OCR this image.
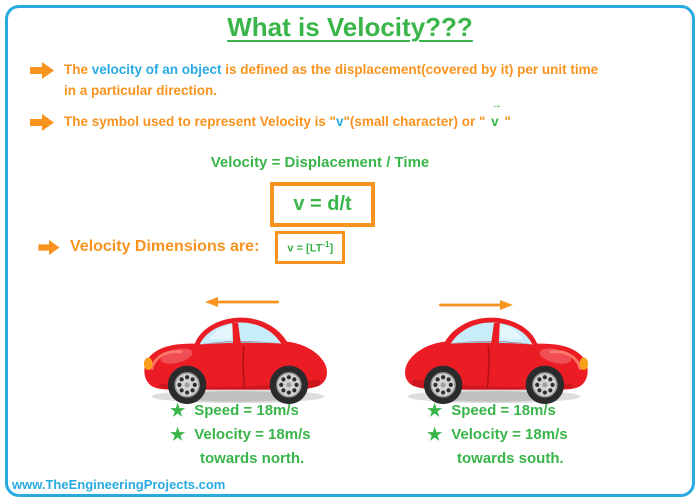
What is Velocity???
The velocity of an object is defined as the displacement(covered by it) per unit time
in a particular direction.
The symbol used to represent Velocity is "v"(small character) or "
→
v "
Velocity = Displacement / Time
v = d/t
Velocity Dimensions are:	$v = [LT^{-1}]$
★ Speed = 18m/s
★ Velocity = 18m/s
towards north.
★ Speed = 18m/s
★ Velocity = 18m/s
towards south.
www.TheEngineeringProjects.com
